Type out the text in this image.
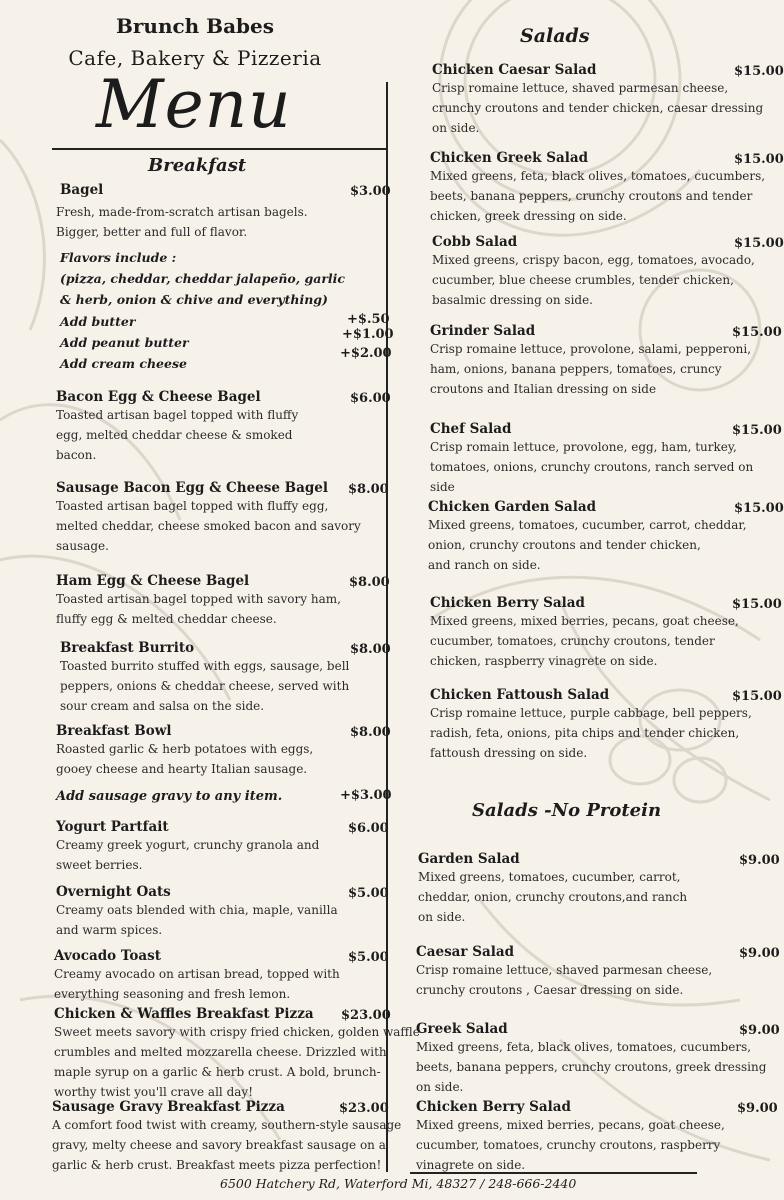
Brunch Babes
Cafe, Bakery & Pizzeria
Menu
Breakfast
Bagel
Fresh, made-from-scratch artisan bagels.
Bigger, better and full of flavor.
$3.00
Flavors include :
(pizza, cheddar, cheddar jalapeño, garlic
& herb, onion & chive and everything)
Add butter
Add peanut butter
Add cream cheese
+$.50
+$1.00
+$2.00
Bacon Egg & Cheese Bagel
Toasted artisan bagel topped with fluffy
egg, melted cheddar cheese & smoked
bacon.
$6.00
Sausage Bacon Egg & Cheese Bagel
Toasted artisan bagel topped with fluffy egg,
melted cheddar, cheese smoked bacon and savory
sausage.
$8.00
Ham Egg & Cheese Bagel
Toasted artisan bagel topped with savory ham,
fluffy egg & melted cheddar cheese.
$8.00
Breakfast Burrito
Toasted burrito stuffed with eggs, sausage, bell
peppers, onions & cheddar cheese, served with
sour cream and salsa on the side.
$8.00
Breakfast Bowl
Roasted garlic & herb potatoes with eggs,
gooey cheese and hearty Italian sausage.
$8.00
Yogurt Partfait
Creamy greek yogurt, crunchy granola and
sweet berries.
$6.00
Overnight Oats
Creamy oats blended with chia, maple, vanilla
and warm spices.
$5.00
Avocado Toast
Creamy avocado on artisan bread, topped with
everything seasoning and fresh lemon.
$5.00
Chicken & Waffles Breakfast Pizza
Sweet meets savory with crispy fried chicken, golden waffle
crumbles and melted mozzarella cheese. Drizzled with
maple syrup on a garlic & herb crust. A bold, brunch-
worthy twist you'll crave all day!
$23.00
Sausage Gravy Breakfast Pizza
A comfort food twist with creamy, southern-style sausage
gravy, melty cheese and savory breakfast sausage on a
garlic & herb crust. Breakfast meets pizza perfection!
$23.00
Add sausage gravy to any item.	+$3.00
Salads
Chicken Caesar Salad
Crisp romaine lettuce, shaved parmesan cheese,
crunchy croutons and tender chicken, caesar dressing
on side.
$15.00
Chicken Greek Salad
Mixed greens, feta, black olives, tomatoes, cucumbers,
beets, banana peppers, crunchy croutons and tender
chicken, greek dressing on side.
$15.00
Cobb Salad
Mixed greens, crispy bacon, egg, tomatoes, avocado,
cucumber, blue cheese crumbles, tender chicken,
basalmic dressing on side.
$15.00
Grinder Salad
Crisp romaine lettuce, provolone, salami, pepperoni,
ham, onions, banana peppers, tomatoes, cruncy
croutons and Italian dressing on side
$15.00
Chef Salad
Crisp romain lettuce, provolone, egg, ham, turkey,
tomatoes, onions, crunchy croutons, ranch served on side
$15.00
Chicken Garden Salad
Mixed greens, tomatoes, cucumber, carrot, cheddar,
onion, crunchy croutons and tender chicken,
and ranch on side.
$15.00
Chicken Berry Salad
Mixed greens, mixed berries, pecans, goat cheese,
cucumber, tomatoes, crunchy croutons, tender
chicken, raspberry vinagrete on side.
$15.00
Chicken Fattoush Salad
Crisp romaine lettuce, purple cabbage, bell peppers,
radish, feta, onions, pita chips and tender chicken,
fattoush dressing on side.
$15.00
Garden Salad
Mixed greens, tomatoes, cucumber, carrot,
cheddar, onion, crunchy croutons,and ranch
on side.
$9.00
Caesar Salad
Crisp romaine lettuce, shaved parmesan cheese,
crunchy croutons , Caesar dressing on side.
$9.00
Greek Salad
Mixed greens, feta, black olives, tomatoes, cucumbers,
beets, banana peppers, crunchy croutons, greek dressing
on side.
$9.00
Chicken Berry Salad
Mixed greens, mixed berries, pecans, goat cheese,
cucumber, tomatoes, crunchy croutons, raspberry
vinagrete on side.
$9.00
Salads -No Protein
6500 Hatchery Rd, Waterford Mi, 48327 / 248-666-2440
